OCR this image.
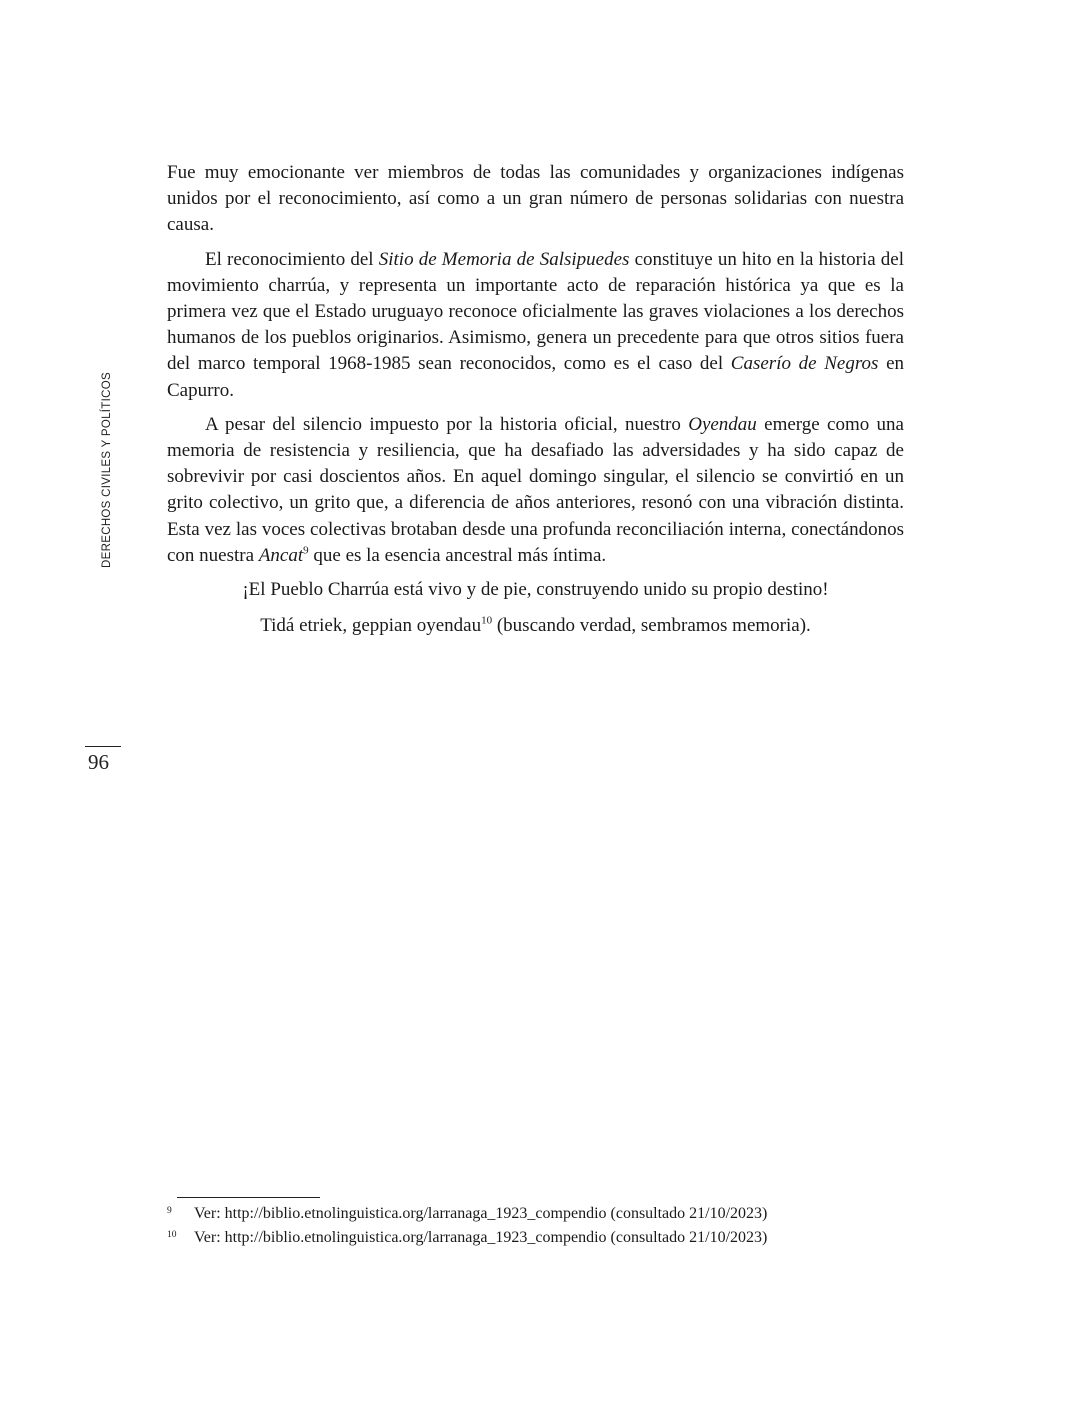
DERECHOS CIVILES Y POLÍTICOS
96

Fue muy emocionante ver miembros de todas las comunidades y organizaciones indígenas unidos por el reconocimiento, así como a un gran número de personas solidarias con nuestra causa.

El reconocimiento del Sitio de Memoria de Salsipuedes constituye un hito en la historia del movimiento charrúa, y representa un importante acto de reparación histórica ya que es la primera vez que el Estado uruguayo reconoce oficialmente las graves violaciones a los derechos humanos de los pueblos originarios. Asimismo, genera un precedente para que otros sitios fuera del marco temporal 1968-1985 sean reconocidos, como es el caso del Caserío de Negros en Capurro.

A pesar del silencio impuesto por la historia oficial, nuestro Oyendau emerge como una memoria de resistencia y resiliencia, que ha desafiado las adversidades y ha sido capaz de sobrevivir por casi doscientos años. En aquel domingo singular, el silencio se convirtió en un grito colectivo, un grito que, a diferencia de años anteriores, resonó con una vibración distinta. Esta vez las voces colectivas brotaban desde una profunda reconciliación interna, conectándonos con nuestra Ancat$^9$ que es la esencia ancestral más íntima.

¡El Pueblo Charrúa está vivo y de pie, construyendo unido su propio destino!

Tidá etriek, geppian oyendau$^{10}$ (buscando verdad, sembramos memoria).

9	Ver: http://biblio.etnolinguistica.org/larranaga_1923_compendio (consultado 21/10/2023)
10	Ver: http://biblio.etnolinguistica.org/larranaga_1923_compendio (consultado 21/10/2023)
